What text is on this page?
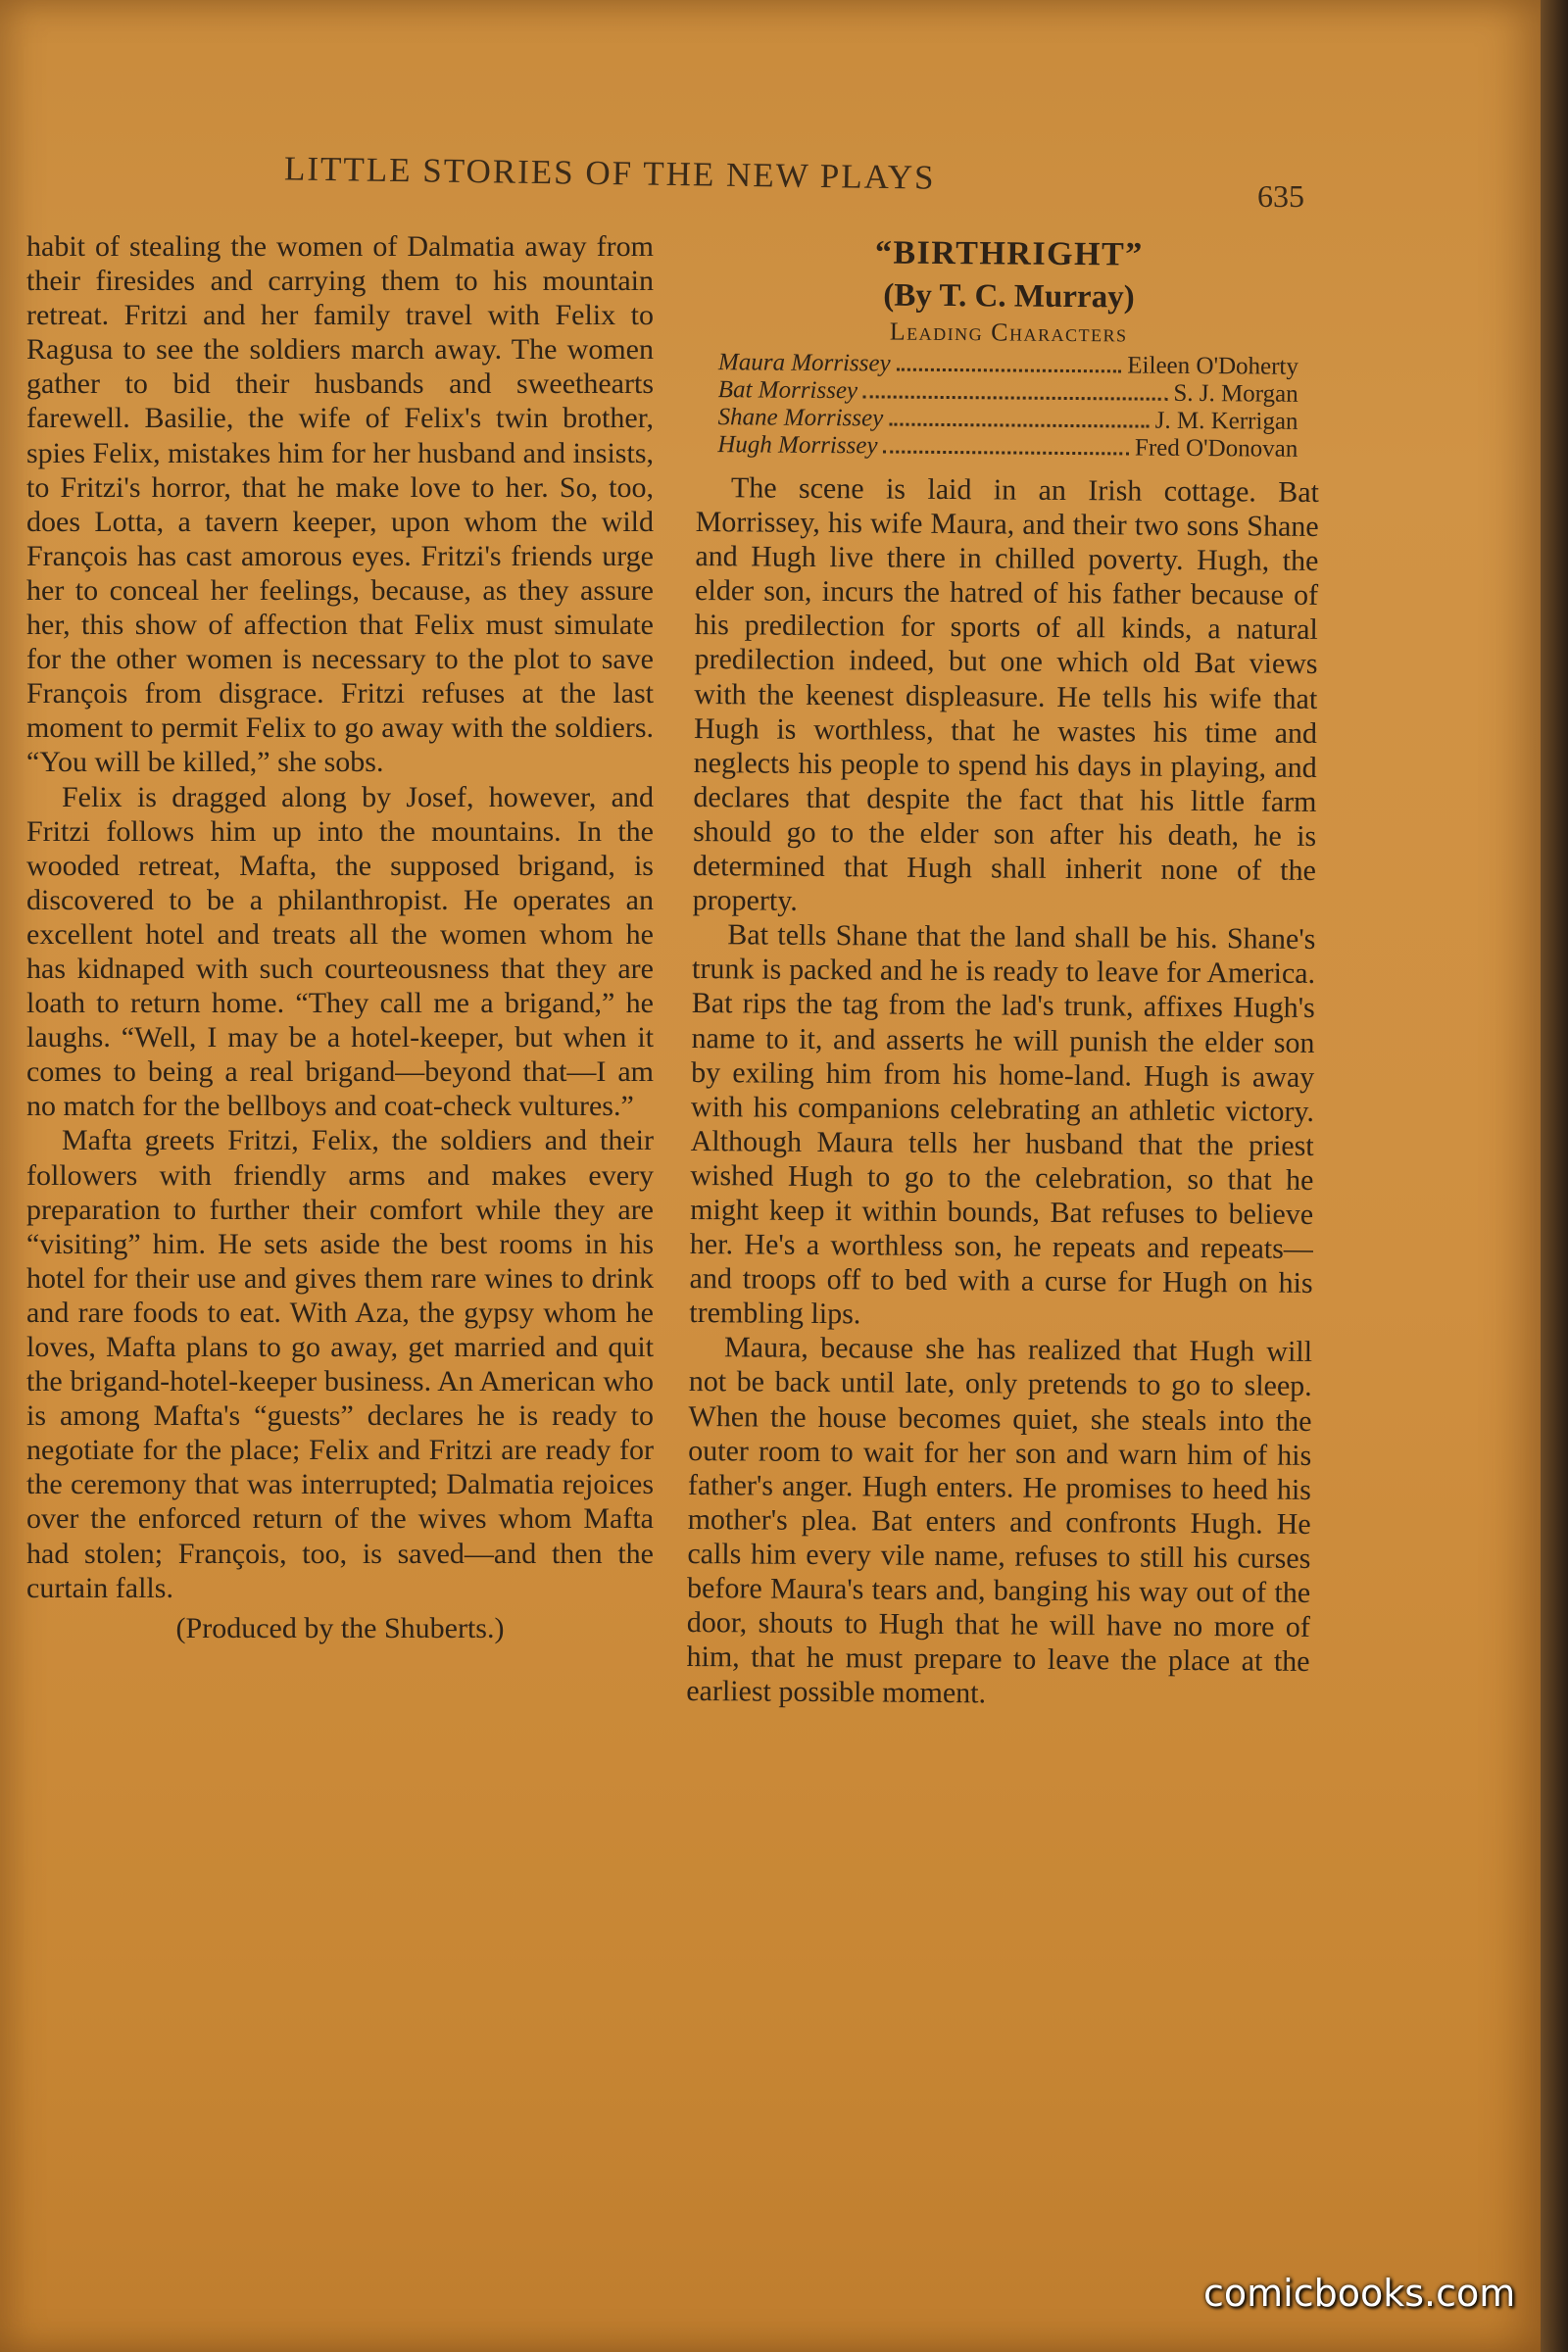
LITTLE STORIES OF THE NEW PLAYS	635

habit of stealing the women of Dalmatia away from their firesides and carrying them to his mountain retreat. Fritzi and her family travel with Felix to Ragusa to see the soldiers march away. The women gather to bid their husbands and sweethearts farewell. Basilie, the wife of Felix's twin brother, spies Felix, mistakes him for her husband and insists, to Fritzi's horror, that he make love to her. So, too, does Lotta, a tavern keeper, upon whom the wild François has cast amorous eyes. Fritzi's friends urge her to conceal her feelings, because, as they assure her, this show of affection that Felix must simulate for the other women is necessary to the plot to save François from disgrace. Fritzi refuses at the last moment to permit Felix to go away with the soldiers. “You will be killed,” she sobs.

Felix is dragged along by Josef, however, and Fritzi follows him up into the mountains. In the wooded retreat, Mafta, the supposed brigand, is discovered to be a philanthropist. He operates an excellent hotel and treats all the women whom he has kidnaped with such courteousness that they are loath to return home. “They call me a brigand,” he laughs. “Well, I may be a hotel-keeper, but when it comes to being a real brigand—beyond that—I am no match for the bellboys and coat-check vultures.”

Mafta greets Fritzi, Felix, the soldiers and their followers with friendly arms and makes every preparation to further their comfort while they are “visiting” him. He sets aside the best rooms in his hotel for their use and gives them rare wines to drink and rare foods to eat. With Aza, the gypsy whom he loves, Mafta plans to go away, get married and quit the brigand-hotel-keeper business. An American who is among Mafta's “guests” declares he is ready to negotiate for the place; Felix and Fritzi are ready for the ceremony that was interrupted; Dalmatia rejoices over the enforced return of the wives whom Mafta had stolen; François, too, is saved—and then the curtain falls.

(Produced by the Shuberts.)

“BIRTHRIGHT”

(By T. C. Murray)

Leading Characters

Maura Morrissey	Eileen O'Doherty
Bat Morrissey	S. J. Morgan
Shane Morrissey	J. M. Kerrigan
Hugh Morrissey	Fred O'Donovan

The scene is laid in an Irish cottage. Bat Morrissey, his wife Maura, and their two sons Shane and Hugh live there in chilled poverty. Hugh, the elder son, incurs the hatred of his father because of his predilection for sports of all kinds, a natural predilection indeed, but one which old Bat views with the keenest displeasure. He tells his wife that Hugh is worthless, that he wastes his time and neglects his people to spend his days in playing, and declares that despite the fact that his little farm should go to the elder son after his death, he is determined that Hugh shall inherit none of the property.

Bat tells Shane that the land shall be his. Shane's trunk is packed and he is ready to leave for America. Bat rips the tag from the lad's trunk, affixes Hugh's name to it, and asserts he will punish the elder son by exiling him from his home-land. Hugh is away with his companions celebrating an athletic victory. Although Maura tells her husband that the priest wished Hugh to go to the celebration, so that he might keep it within bounds, Bat refuses to believe her. He's a worthless son, he repeats and repeats—and troops off to bed with a curse for Hugh on his trembling lips.

Maura, because she has realized that Hugh will not be back until late, only pretends to go to sleep. When the house becomes quiet, she steals into the outer room to wait for her son and warn him of his father's anger. Hugh enters. He promises to heed his mother's plea. Bat enters and confronts Hugh. He calls him every vile name, refuses to still his curses before Maura's tears and, banging his way out of the door, shouts to Hugh that he will have no more of him, that he must prepare to leave the place at the earliest possible moment.

comicbooks.com
